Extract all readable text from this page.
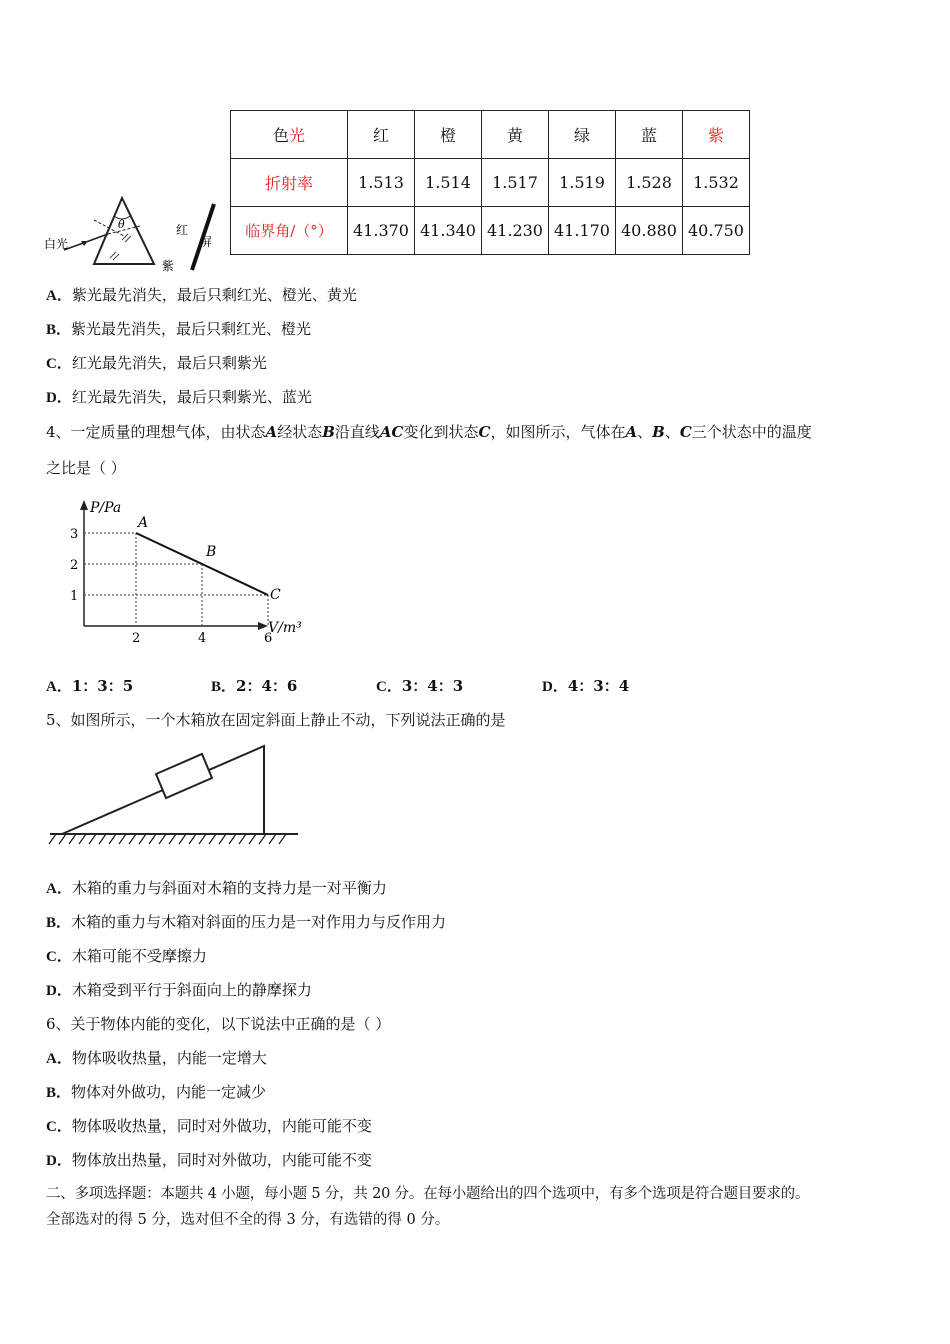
θ
白光
红
紫
屏
色光	红	橙	黄	绿	蓝	紫
折射率	1.513	1.514	1.517	1.519	1.528	1.532
临界角/（°）	41.370	41.340	41.230	41.170	40.880	40.750
A．紫光最先消失，最后只剩红光、橙光、黄光
B．紫光最先消失，最后只剩红光、橙光
C．红光最先消失，最后只剩紫光
D．红光最先消失，最后只剩紫光、蓝光
4、一定质量的理想气体，由状态A经状态B沿直线AC变化到状态C，如图所示，气体在A、B、C三个状态中的温度
之比是（ ）
P/Pa
V/m³
A
B
C
3
2
1
2	4	6
A．1：3：5	B．2：4：6	C．3：4：3	D．4：3：4
5、如图所示，一个木箱放在固定斜面上静止不动，下列说法正确的是
A．木箱的重力与斜面对木箱的支持力是一对平衡力
B．木箱的重力与木箱对斜面的压力是一对作用力与反作用力
C．木箱可能不受摩擦力
D．木箱受到平行于斜面向上的静摩探力
6、关于物体内能的变化，以下说法中正确的是（ ）
A．物体吸收热量，内能一定增大
B．物体对外做功，内能一定减少
C．物体吸收热量，同时对外做功，内能可能不变
D．物体放出热量，同时对外做功，内能可能不变
二、多项选择题：本题共 4 小题，每小题 5 分，共 20 分。在每小题给出的四个选项中，有多个选项是符合题目要求的。
全部选对的得 5 分，选对但不全的得 3 分，有选错的得 0 分。
